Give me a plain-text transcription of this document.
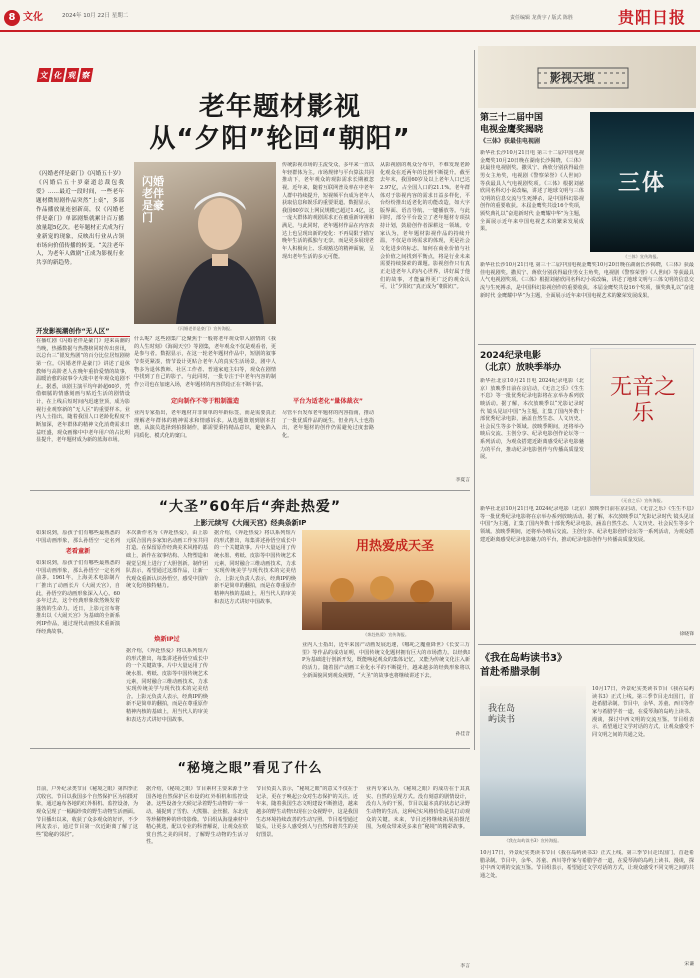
8 文化	2024年 10月 22日 星期二	责任编辑 龙黄宇 / 版式 陈胜	贵阳日报
文 化 观 察
老年题材影视
从“夕阳”轮回“朝阳”
《闪婚老伴是豪门》《闪婚五十岁》《闪婚后五十岁豪道总裁包我爱》……最近一段时间，一些老年题材微短剧作品突然“上桌”，多部作品播放量连创新高，仅《闪婚老伴是豪门》单部剧集就累计百万播放量超5亿次。老年题材正式成为行业新宠的现象，反映出行业从占领市场向价值传播的转变。“关注老年人，为老年人做剧”正成为影视行业共享的新趋势。
闪婚老伴是豪门
《闪婚老伴是豪门》宣传海报。
开发影视潮创作“无人区”
在播红剧《闪婚老伴是豪门》迎来高潮的当晚，热播数据与热搜榜同时传出喜讯，以总台三“银发热剧”的百分比位居短剧榜第一位。《闪婚老伴是豪门》讲述了退休教师与高阶老人在晚年重拾爱情的故事，温暖治愈的叙事令大批中老年观众追剧不止。据悉，该剧主演平均年龄超60岁，凭借细腻的情感刻画与贴近生活的剧情设计，在上线后短时间内迅速登顶，成为影视行业观察新的“无人区”的重要样本。业内人士指出，随着我国人口老龄化程度不断加深，老年群体的精神文化消费需求日益旺盛，观众画像中中老年用户的占比明显提升，老年题材成为新的蓝海市场。
什么呢？这些剧集广泛聚焦于一般将老年观众带入剧情的《我的人生时刻》《海阔天空》等剧集，老年观众不仅是观看者，更是参与者。数据显示，在这一轮老年题材作品中，短剧的叙事节奏更紧凑，情节设计更贴合老年人的真实生活场景，剧中人物多为退休教师、社区工作者、普通家庭主妇等，观众在剧情中找到了自己的影子。与此同时，一批专注于中老年内容的制作公司也在加速入场，老年题材的内容供给正在不断丰富。
定向制作不等于粗制滥造
业内专家指出，老年题材并非简单的年龄标签，而是需要真正理解老年群体的精神需求和情感诉求。从选题策划到剧本打磨，从演员选择到拍摄制作，都需要秉持精品意识，避免陷入同质化、模式化的窠臼。
传统影视市场的主流受众，多年来一直以年轻群体为主。市场规律与平台算法共同推动下，老年观众的观影需求长期被忽视。近年来，随着互联网普及率在中老年人群中持续提升，短视频平台成为老年人获取信息和娱乐的重要渠道。数据显示，我国60岁以上网民规模已超过1.4亿，这一庞大群体的观剧需求正在被重新审视和满足。与此同时，老年题材作品在内容表达上也呈现出新的变化：不再局限于描写晚年生活的孤独与无奈，而是更多展现老年人积极向上、乐观豁达的精神面貌，呈现出老年生活的多元可能。
平台为适老化“量体裁衣”
尽管平台发布老年题材的内容指南，推动了一批优质作品的诞生，但业内人士也指出，老年题材的创作仍需避免过度套路化。
从影视剧的观众分布中，不难发现老龄化观众在近两年的比例不断提升。截至去年末，我国60岁及以上老年人口已达2.97亿，占全国人口的21.1%。老年群体对于影视内容的需求日益多样化，平台纷纷推出适老化的功能改造，如大字版界面、语音导航、一键播放等。与此同时，部分平台设立了老年题材专项扶持计划，鼓励创作者深耕这一领域。专家认为，老年题材影视作品的持续升温，不仅是市场需求的体现，更是社会文化进步的标志。如何在商业价值与社会价值之间找到平衡点，将是行业未来需要持续探索的课题。影视创作只有真正走进老年人的内心世界，讲好属于他们的故事，才能赢得更广泛的观众认可，让“夕阳红”真正成为“朝阳红”。
李夏言
影视天地
第三十二届中国
电视金鹰奖揭晓
《三体》获最佳电视剧
三体
《三体》宣传海报。
新华社长沙10月21日电 第三十二届中国电视金鹰奖10月20日晚在湖南长沙揭晓，《三体》获最佳电视剧奖。撒贝宁、蒋欣分别获得最佳男女主角奖，电视剧《警察荣誉》《人世间》等获最具人气电视剧奖项。《三体》根据刘慈欣同名科幻小说改编，讲述了地球文明与三体文明的信息交流与生死搏杀，是中国科幻影视创作的重要收获。本届金鹰奖共设16个奖项，颁奖典礼以“奋进新时代 金鹰耀中华”为主题，全面展示近年来中国电视艺术的繁荣发展成果。
新华社长沙10月21日电 第三十二届中国电视金鹰奖10月20日晚在湖南长沙揭晓，《三体》获最佳电视剧奖。撒贝宁、蒋欣分别获得最佳男女主角奖，电视剧《警察荣誉》《人世间》等获最具人气电视剧奖项。《三体》根据刘慈欣同名科幻小说改编，讲述了地球文明与三体文明的信息交流与生死搏杀，是中国科幻影视创作的重要收获。本届金鹰奖共设16个奖项，颁奖典礼以“奋进新时代 金鹰耀中华”为主题，全面展示近年来中国电视艺术的繁荣发展成果。
2024纪录电影
（北京）放映季举办
新华社北京10月21日电 2024纪录电影（北京）放映季日前在京启动，《无音之乐》《生生不息》等一批优秀纪录电影将在京举办系列放映活动。据了解，本次放映季以“光影记录时代 镜头见证中国”为主题，汇集了国内外数十部优秀纪录电影，涵盖自然生态、人文历史、社会民生等多个领域。放映季期间，还将举办映后交流、主创分享、纪录电影创作论坛等一系列活动，为观众搭建近距离感受纪录电影魅力的平台，推动纪录电影创作与传播高质量发展。
无音之乐
《无音之乐》宣传海报。
新华社北京10月21日电 2024纪录电影（北京）放映季日前在京启动，《无音之乐》《生生不息》等一批优秀纪录电影将在京举办系列放映活动。据了解，本次放映季以“光影记录时代 镜头见证中国”为主题，汇集了国内外数十部优秀纪录电影，涵盖自然生态、人文历史、社会民生等多个领域。放映季期间，还将举办映后交流、主创分享、纪录电影创作论坛等一系列活动，为观众搭建近距离感受纪录电影魅力的平台，推动纪录电影创作与传播高质量发展。
徐晓锋
《我在岛屿读书3》
首赴希腊录制
我在岛屿读书
《我在岛屿读书3》宣传海报。
10月17日，外景纪实类读书节目《我在岛屿读书3》正式上线。第三季节目走出国门，首赴希腊录制。节目中，余华、苏童、西川等作家与希腊学者一道，在爱琴海的岛屿上读书、漫谈，探讨中西文明的交流互鉴。节目组表示，希望通过文学对话的方式，让观众感受不同文明之间的共通之处。
10月17日，外景纪实类读书节目《我在岛屿读书3》正式上线。第三季节目走出国门，首赴希腊录制。节目中，余华、苏童、西川等作家与希腊学者一道，在爱琴海的岛屿上读书、漫谈，探讨中西文明的交流互鉴。节目组表示，希望通过文学对话的方式，让观众感受不同文明之间的共通之处。
宋谦
“大圣”60年后“奔赴热爱”
上影元续写《大闹天宫》经典条新IP
老看童新
如果说到，原孩子们有哪些最熟悉的中国动画形象，那么孙悟空一定名列
如果说到，原孩子们有哪些最熟悉的中国动画形象，那么孙悟空一定名列前茅。1961年，上海美术电影制片厂推出了动画长片《大闹天宫》，自此，孙悟空的动画形象深入人心。60多年过去，这个经典形象依然焕发着蓬勃的生命力。近日，上影元宣布将推出以《大闹天宫》为基础的全新系列IP作品，通过现代动画技术重新演绎经典故事。
本次新作名为《奔赴热爱》，由上影元联合国内多家知名动画工作室共同打造。在保留原作经典美术风格的基础上，新作在叙事结构、人物塑造和视觉呈现上进行了大胆创新。制作团队表示，希望通过这部作品，让新一代观众重新认识孙悟空，感受中国传统文化的独特魅力。
焕新IP过
据介绍，《奔赴热爱》将以系列短片的形式推出，每集讲述孙悟空成长中的一个关键故事。片中大量运用了传统水墨、剪纸、皮影等中国传统艺术元素，同时融合三维动画技术，力求实现传统美学与现代技术的完美结合。上影元负责人表示，经典IP的焕新不是简单的翻拍，而是在尊重原作精神内核的基础上，用当代人的审美和表达方式讲好中国故事。
据介绍，《奔赴热爱》将以系列短片的形式推出，每集讲述孙悟空成长中的一个关键故事。片中大量运用了传统水墨、剪纸、皮影等中国传统艺术元素，同时融合三维动画技术，力求实现传统美学与现代技术的完美结合。上影元负责人表示，经典IP的焕新不是简单的翻拍，而是在尊重原作精神内核的基础上，用当代人的审美和表达方式讲好中国故事。
用热爱成天圣
《奔赴热爱》宣传海报。
业内人士指出，近年来国产动画发展迅速，《哪吒之魔童降世》《长安三万里》等作品的成功证明，中国传统文化题材拥有巨大的市场潜力。以经典IP为基础进行创新开发，既能唤起观众的集体记忆，又能为传统文化注入新的活力。随着国产动画工业化水平的不断提升，越来越多的经典形象将以全新面貌回到观众视野，“大圣”的故事也将继续讲述下去。
孙佳音
“秘境之眼”看见了什么
日前，户外纪录类节目《秘境之眼》第四季正式收官。节目以我国多个自然保护区为拍摄对象，通过遍布各地的红外相机、监控设备，为观众呈现了一幅幅珍贵的野生动物生活画面。节目播出以来，收获了众多观众的好评，不少网友表示，通过节目第一次近距离了解了这些“隐秘的邻居”。
据介绍，《秘境之眼》节目素材主要来源于全国各地自然保护区布设的红外相机和监控设备。这些设备全天候记录着野生动物的一举一动，捕捉到了雪豹、大熊猫、金丝猴、东北虎等珍稀物种的珍贵影像。节目组从海量素材中精心挑选，配以专业的科普解说，让观众在欣赏自然之美的同时，了解野生动物的生活习性。
节目负责人表示，“秘境之眼”的意义不仅在于记录，更在于唤起公众对生态保护的关注。近年来，随着我国生态文明建设不断推进，越来越多的野生动物出现在公众视野中，这是我国生态环境持续改善的生动写照。节目希望通过镜头，让更多人感受到人与自然和谐共生的美好图景。
业内专家认为，《秘境之眼》的成功在于其真实、自然的呈现方式。没有刻意的剧情设计，没有人为的干预，节目以最本真的状态记录野生动物的生活，这种纪实风格恰恰是其打动观众的关键。未来，节目还将继续拓展拍摄范围，为观众带来更多来自“秘境”的精彩故事。
李言
